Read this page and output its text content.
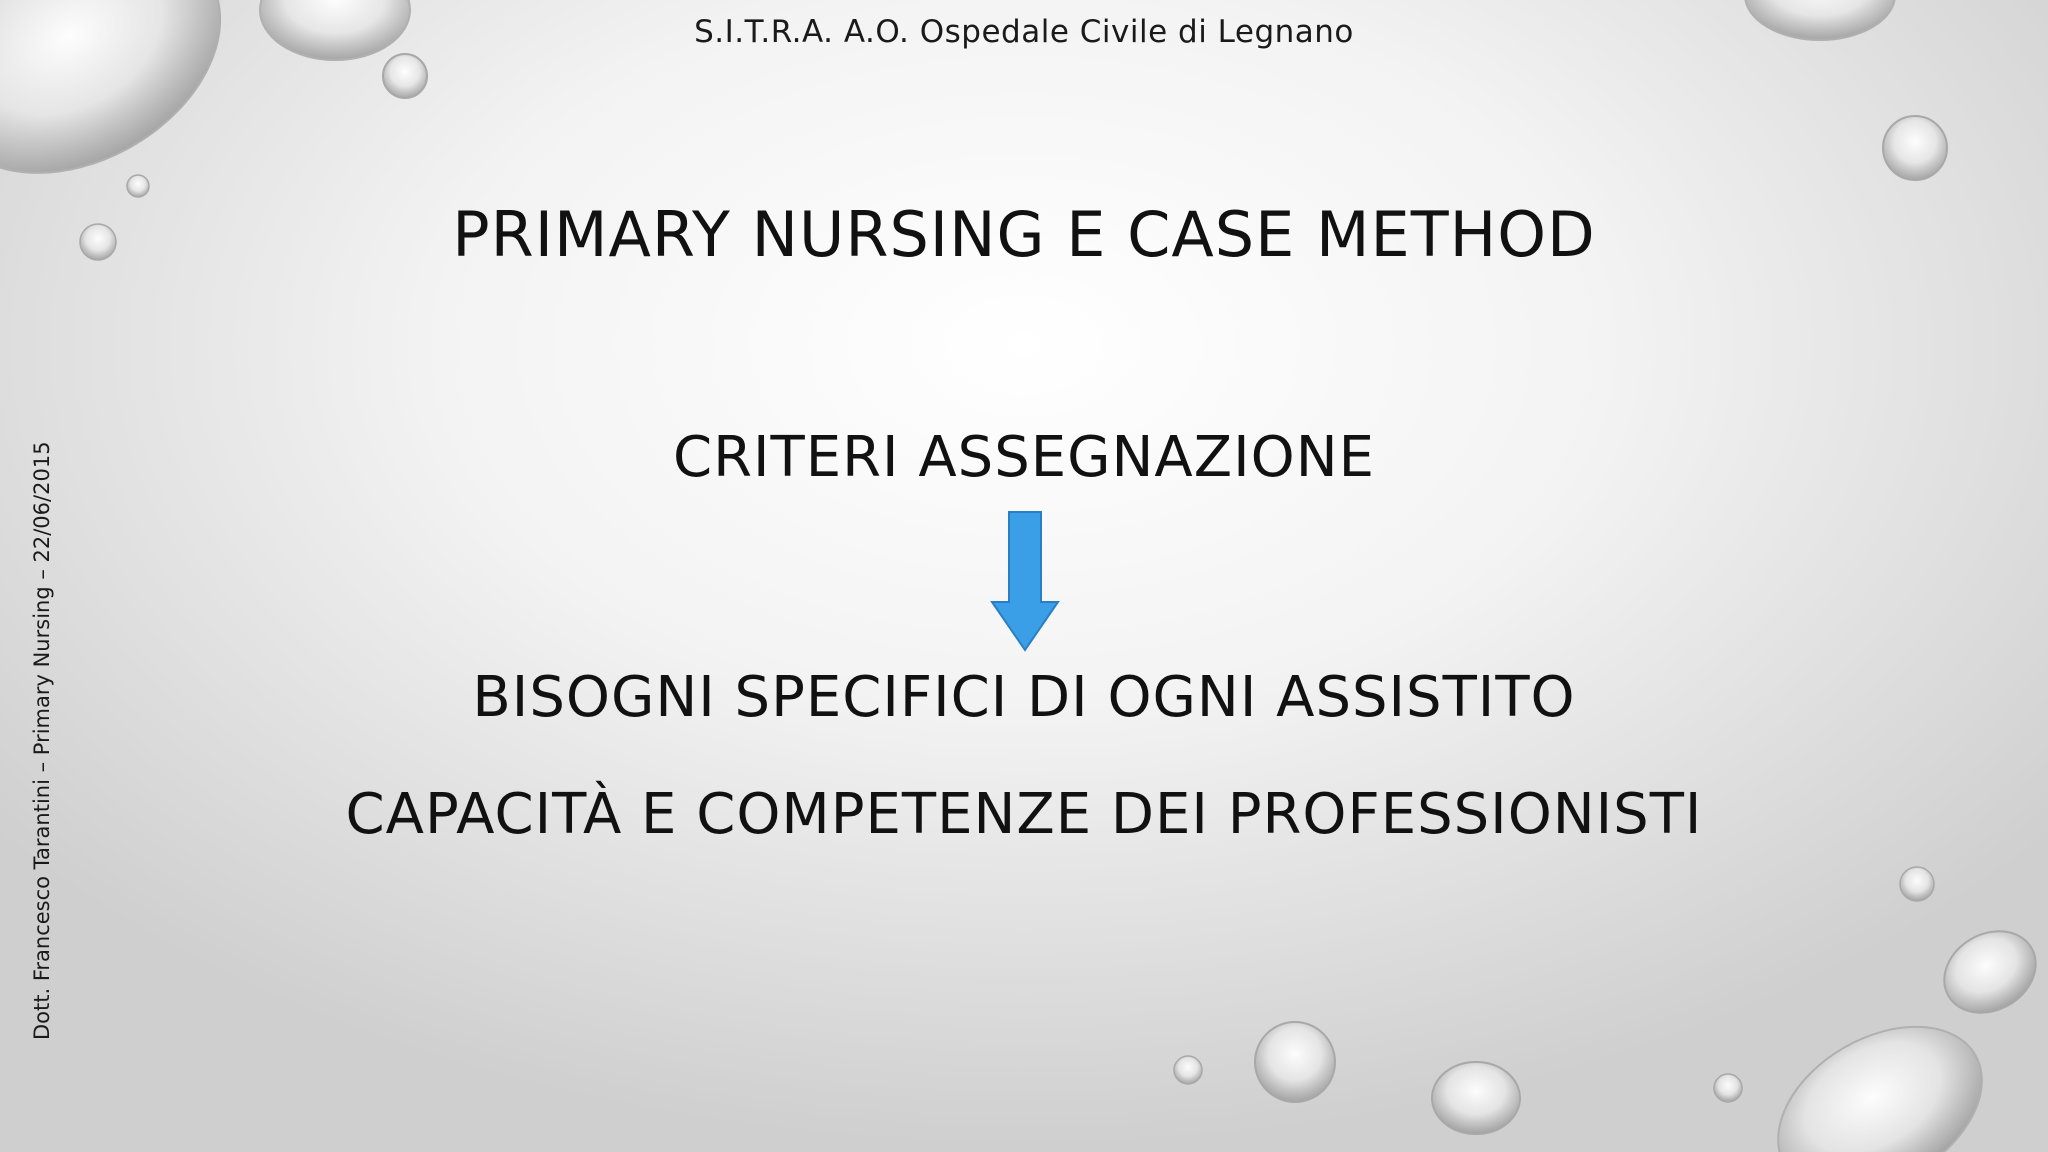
S.I.T.R.A. A.O. Ospedale Civile di Legnano
PRIMARY NURSING E CASE METHOD
CRITERI ASSEGNAZIONE
BISOGNI SPECIFICI DI OGNI ASSISTITO
CAPACITÀ E COMPETENZE DEI PROFESSIONISTI
Dott. Francesco Tarantini – Primary Nursing – 22/06/2015
